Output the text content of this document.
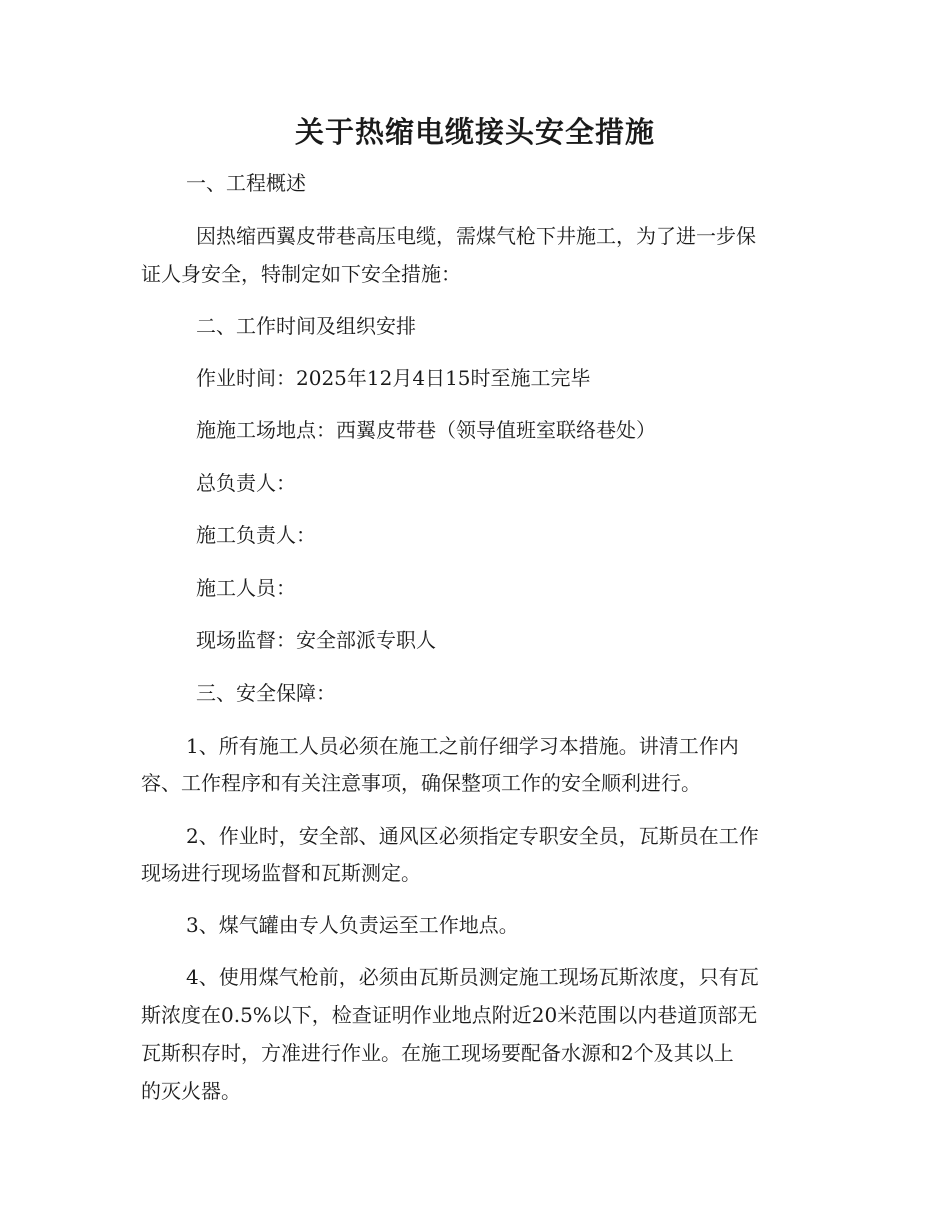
关于热缩电缆接头安全措施
一、工程概述
因热缩西翼皮带巷高压电缆，需煤气枪下井施工，为了进一步保
证人身安全，特制定如下安全措施：
二、工作时间及组织安排
作业时间：2025年12月4日15时至施工完毕
施施工场地点：西翼皮带巷（领导值班室联络巷处）
总负责人：
施工负责人：
施工人员：
现场监督：安全部派专职人
三、安全保障：
1、所有施工人员必须在施工之前仔细学习本措施。讲清工作内
容、工作程序和有关注意事项，确保整项工作的安全顺利进行。
2、作业时，安全部、通风区必须指定专职安全员，瓦斯员在工作
现场进行现场监督和瓦斯测定。
3、煤气罐由专人负责运至工作地点。
4、使用煤气枪前，必须由瓦斯员测定施工现场瓦斯浓度，只有瓦
斯浓度在0.5%以下，检查证明作业地点附近20米范围以内巷道顶部无
瓦斯积存时，方准进行作业。在施工现场要配备水源和2个及其以上
的灭火器。
